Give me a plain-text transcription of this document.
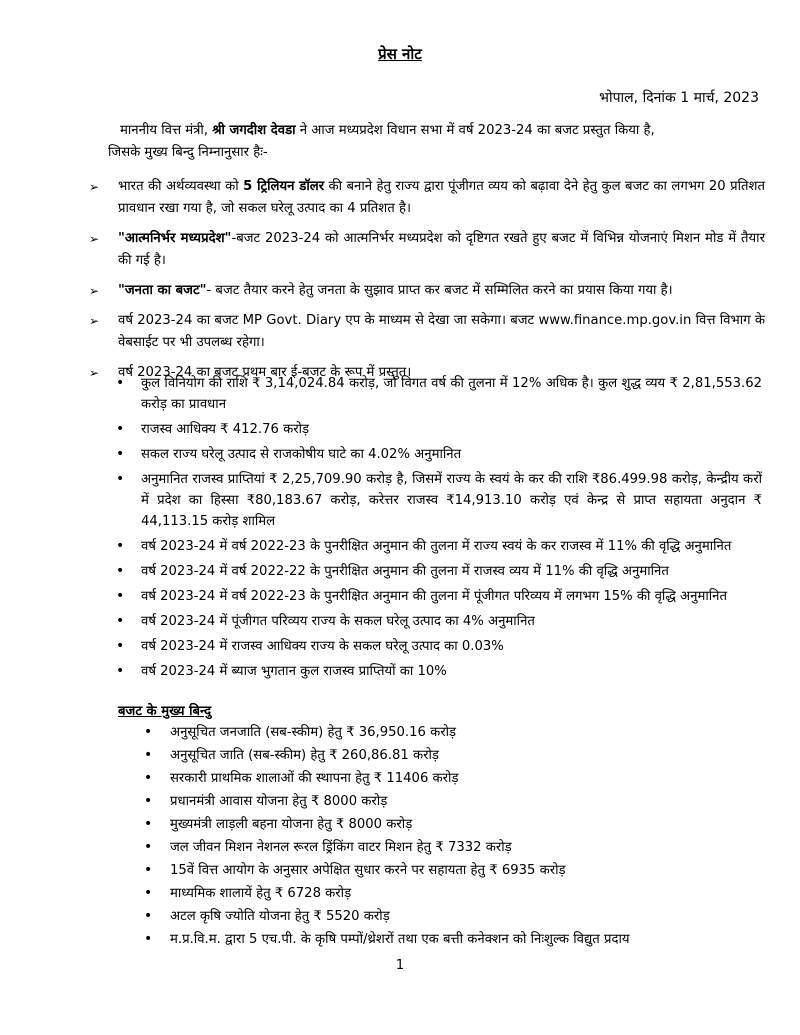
प्रेस नोट
भोपाल, दिनांक 1 मार्च, 2023
माननीय वित्त मंत्री, श्री जगदीश देवडा ने आज मध्यप्रदेश विधान सभा में वर्ष 2023-24 का बजट प्रस्तुत किया है,
जिसके मुख्य बिन्दु निम्नानुसार हैः-
➢ भारत की अर्थव्यवस्था को 5 ट्रिलियन डॉलर की बनाने हेतु राज्य द्वारा पूंजीगत व्यय को बढ़ावा देने हेतु कुल बजट का लगभग 20 प्रतिशत प्रावधान रखा गया है, जो सकल घरेलू उत्पाद का 4 प्रतिशत है।
➢ "आत्मनिर्भर मध्यप्रदेश"-बजट 2023-24 को आत्मनिर्भर मध्यप्रदेश को दृष्टिगत रखते हुए बजट में विभिन्न योजनाएं मिशन मोड में तैयार की गई है।
➢ "जनता का बजट"- बजट तैयार करने हेतु जनता के सुझाव प्राप्त कर बजट में सम्मिलित करने का प्रयास किया गया है।
➢ वर्ष 2023-24 का बजट MP Govt. Diary एप के माध्यम से देखा जा सकेगा। बजट www.finance.mp.gov.in वित्त विभाग के वेबसाईट पर भी उपलब्ध रहेगा।
➢ वर्ष 2023-24 का बजट प्रथम बार ई-बजट के रूप में प्रस्तुत।
• कुल विनियोग की राशि ₹ 3,14,024.84 करोड़, जो विगत वर्ष की तुलना में 12% अधिक है। कुल शुद्ध व्यय ₹ 2,81,553.62 करोड़ का प्रावधान
• राजस्व आधिक्य ₹ 412.76 करोड़
• सकल राज्य घरेलू उत्पाद से राजकोषीय घाटे का 4.02% अनुमानित
• अनुमानित राजस्व प्राप्तियां ₹ 2,25,709.90 करोड़ है, जिसमें राज्य के स्वयं के कर की राशि ₹86.499.98 करोड़, केन्द्रीय करों में प्रदेश का हिस्सा ₹80,183.67 करोड़, करेत्तर राजस्व ₹14,913.10 करोड़ एवं केन्द्र से प्राप्त सहायता अनुदान ₹ 44,113.15 करोड़ शामिल
• वर्ष 2023-24 में वर्ष 2022-23 के पुनरीक्षित अनुमान की तुलना में राज्य स्वयं के कर राजस्व में 11% की वृद्धि अनुमानित
• वर्ष 2023-24 में वर्ष 2022-22 के पुनरीक्षित अनुमान की तुलना में राजस्व व्यय में 11% की वृद्धि अनुमानित
• वर्ष 2023-24 में वर्ष 2022-23 के पुनरीक्षित अनुमान की तुलना में पूंजीगत परिव्यय में लगभग 15% की वृद्धि अनुमानित
• वर्ष 2023-24 में पूंजीगत परिव्यय राज्य के सकल घरेलू उत्पाद का 4% अनुमानित
• वर्ष 2023-24 में राजस्व आधिक्य राज्य के सकल घरेलू उत्पाद का 0.03%
• वर्ष 2023-24 में ब्याज भुगतान कुल राजस्व प्राप्तियों का 10%
बजट के मुख्य बिन्दु
• अनुसूचित जनजाति (सब-स्कीम) हेतु ₹ 36,950.16 करोड़
• अनुसूचित जाति (सब-स्कीम) हेतु ₹ 260,86.81 करोड़
• सरकारी प्राथमिक शालाओं की स्थापना हेतु ₹ 11406 करोड़
• प्रधानमंत्री आवास योजना हेतु ₹ 8000 करोड़
• मुख्यमंत्री लाड़ली बहना योजना हेतु ₹ 8000 करोड़
• जल जीवन मिशन नेशनल रूरल ड्रिंकिंग वाटर मिशन हेतु ₹ 7332 करोड़
• 15वें वित्त आयोग के अनुसार अपेक्षित सुधार करने पर सहायता हेतु ₹ 6935 करोड़
• माध्यमिक शालायें हेतु ₹ 6728 करोड़
• अटल कृषि ज्योति योजना हेतु ₹ 5520 करोड़
• म.प्र.वि.म. द्वारा 5 एच.पी. के कृषि पम्पों/थ्रेशरों तथा एक बत्ती कनेक्शन को निःशुल्क विद्युत प्रदाय
1
